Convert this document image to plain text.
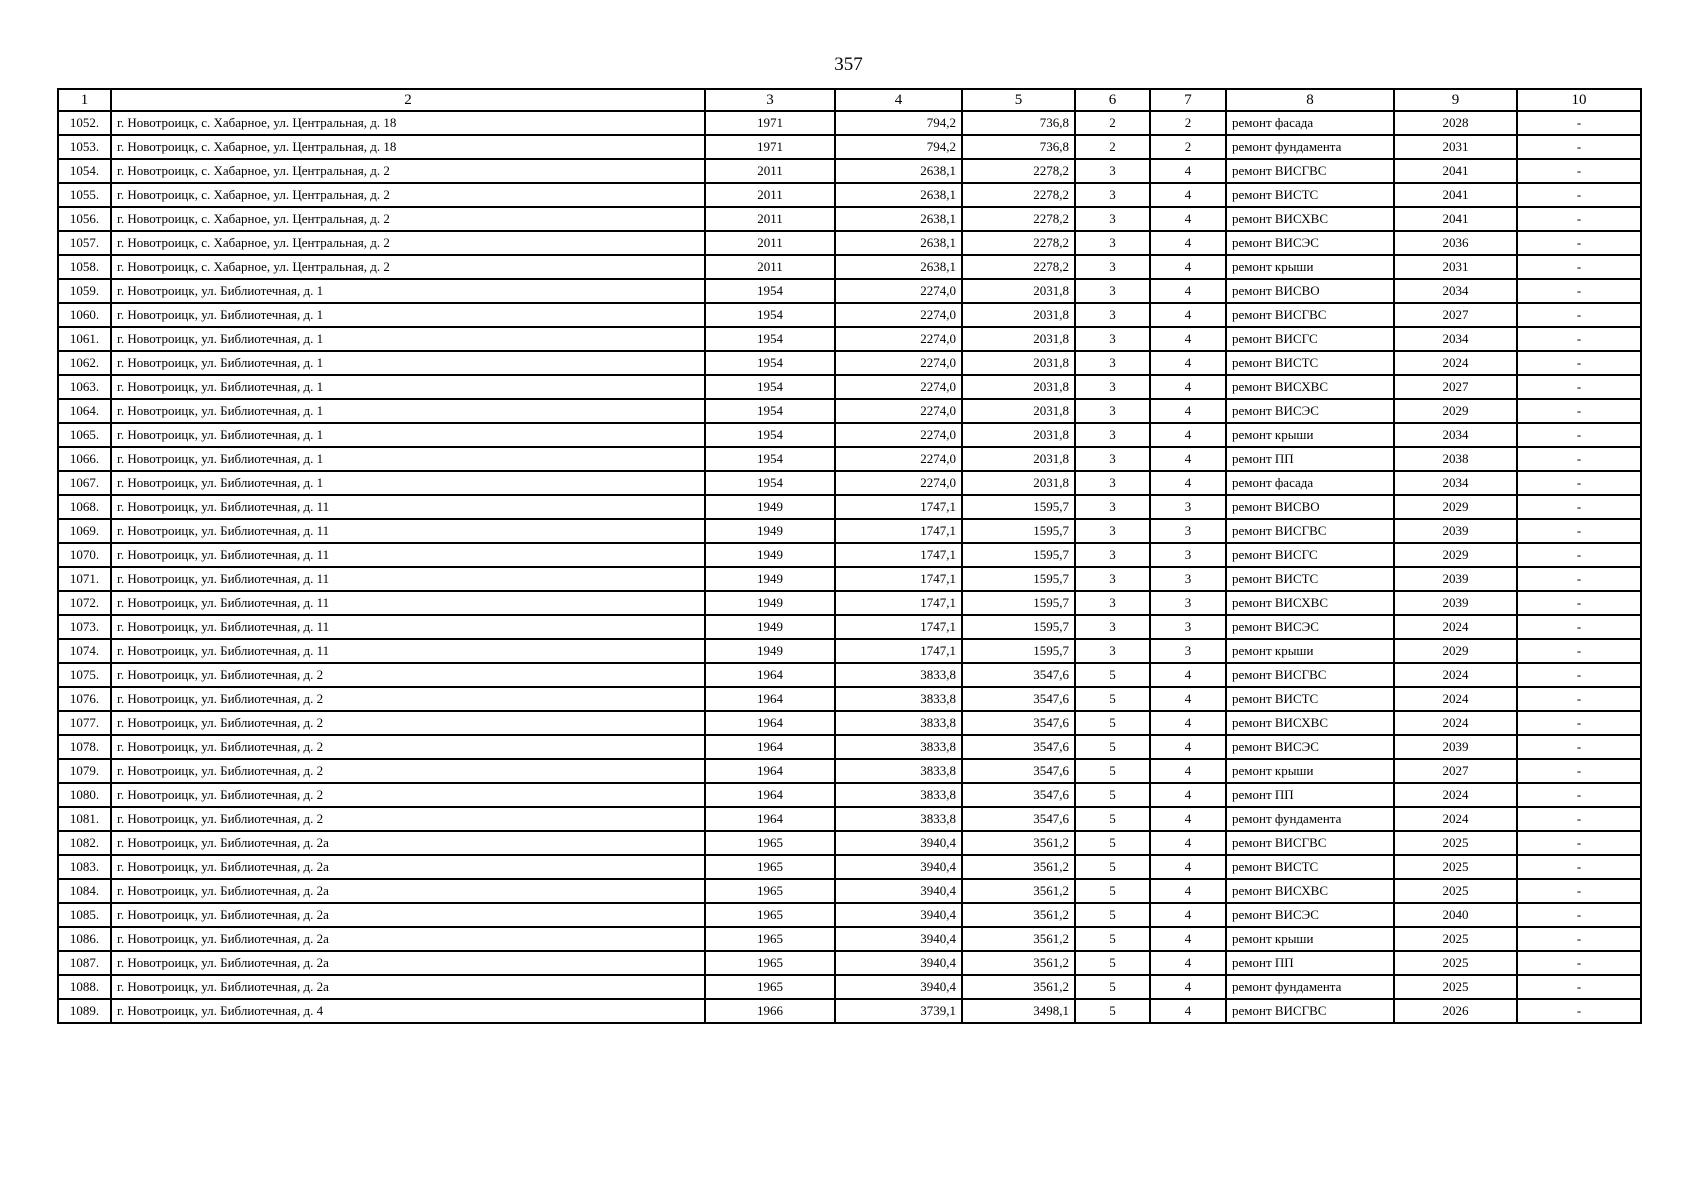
357
1	2	3	4	5	6	7	8	9	10
1052.	г. Новотроицк, с. Хабарное, ул. Центральная, д. 18	1971	794,2	736,8	2	2	ремонт фасада	2028	-
1053.	г. Новотроицк, с. Хабарное, ул. Центральная, д. 18	1971	794,2	736,8	2	2	ремонт фундамента	2031	-
1054.	г. Новотроицк, с. Хабарное, ул. Центральная, д. 2	2011	2638,1	2278,2	3	4	ремонт ВИСГВС	2041	-
1055.	г. Новотроицк, с. Хабарное, ул. Центральная, д. 2	2011	2638,1	2278,2	3	4	ремонт ВИСТС	2041	-
1056.	г. Новотроицк, с. Хабарное, ул. Центральная, д. 2	2011	2638,1	2278,2	3	4	ремонт ВИСХВС	2041	-
1057.	г. Новотроицк, с. Хабарное, ул. Центральная, д. 2	2011	2638,1	2278,2	3	4	ремонт ВИСЭС	2036	-
1058.	г. Новотроицк, с. Хабарное, ул. Центральная, д. 2	2011	2638,1	2278,2	3	4	ремонт крыши	2031	-
1059.	г. Новотроицк, ул. Библиотечная, д. 1	1954	2274,0	2031,8	3	4	ремонт ВИСВО	2034	-
1060.	г. Новотроицк, ул. Библиотечная, д. 1	1954	2274,0	2031,8	3	4	ремонт ВИСГВС	2027	-
1061.	г. Новотроицк, ул. Библиотечная, д. 1	1954	2274,0	2031,8	3	4	ремонт ВИСГС	2034	-
1062.	г. Новотроицк, ул. Библиотечная, д. 1	1954	2274,0	2031,8	3	4	ремонт ВИСТС	2024	-
1063.	г. Новотроицк, ул. Библиотечная, д. 1	1954	2274,0	2031,8	3	4	ремонт ВИСХВС	2027	-
1064.	г. Новотроицк, ул. Библиотечная, д. 1	1954	2274,0	2031,8	3	4	ремонт ВИСЭС	2029	-
1065.	г. Новотроицк, ул. Библиотечная, д. 1	1954	2274,0	2031,8	3	4	ремонт крыши	2034	-
1066.	г. Новотроицк, ул. Библиотечная, д. 1	1954	2274,0	2031,8	3	4	ремонт ПП	2038	-
1067.	г. Новотроицк, ул. Библиотечная, д. 1	1954	2274,0	2031,8	3	4	ремонт фасада	2034	-
1068.	г. Новотроицк, ул. Библиотечная, д. 11	1949	1747,1	1595,7	3	3	ремонт ВИСВО	2029	-
1069.	г. Новотроицк, ул. Библиотечная, д. 11	1949	1747,1	1595,7	3	3	ремонт ВИСГВС	2039	-
1070.	г. Новотроицк, ул. Библиотечная, д. 11	1949	1747,1	1595,7	3	3	ремонт ВИСГС	2029	-
1071.	г. Новотроицк, ул. Библиотечная, д. 11	1949	1747,1	1595,7	3	3	ремонт ВИСТС	2039	-
1072.	г. Новотроицк, ул. Библиотечная, д. 11	1949	1747,1	1595,7	3	3	ремонт ВИСХВС	2039	-
1073.	г. Новотроицк, ул. Библиотечная, д. 11	1949	1747,1	1595,7	3	3	ремонт ВИСЭС	2024	-
1074.	г. Новотроицк, ул. Библиотечная, д. 11	1949	1747,1	1595,7	3	3	ремонт крыши	2029	-
1075.	г. Новотроицк, ул. Библиотечная, д. 2	1964	3833,8	3547,6	5	4	ремонт ВИСГВС	2024	-
1076.	г. Новотроицк, ул. Библиотечная, д. 2	1964	3833,8	3547,6	5	4	ремонт ВИСТС	2024	-
1077.	г. Новотроицк, ул. Библиотечная, д. 2	1964	3833,8	3547,6	5	4	ремонт ВИСХВС	2024	-
1078.	г. Новотроицк, ул. Библиотечная, д. 2	1964	3833,8	3547,6	5	4	ремонт ВИСЭС	2039	-
1079.	г. Новотроицк, ул. Библиотечная, д. 2	1964	3833,8	3547,6	5	4	ремонт крыши	2027	-
1080.	г. Новотроицк, ул. Библиотечная, д. 2	1964	3833,8	3547,6	5	4	ремонт ПП	2024	-
1081.	г. Новотроицк, ул. Библиотечная, д. 2	1964	3833,8	3547,6	5	4	ремонт фундамента	2024	-
1082.	г. Новотроицк, ул. Библиотечная, д. 2а	1965	3940,4	3561,2	5	4	ремонт ВИСГВС	2025	-
1083.	г. Новотроицк, ул. Библиотечная, д. 2а	1965	3940,4	3561,2	5	4	ремонт ВИСТС	2025	-
1084.	г. Новотроицк, ул. Библиотечная, д. 2а	1965	3940,4	3561,2	5	4	ремонт ВИСХВС	2025	-
1085.	г. Новотроицк, ул. Библиотечная, д. 2а	1965	3940,4	3561,2	5	4	ремонт ВИСЭС	2040	-
1086.	г. Новотроицк, ул. Библиотечная, д. 2а	1965	3940,4	3561,2	5	4	ремонт крыши	2025	-
1087.	г. Новотроицк, ул. Библиотечная, д. 2а	1965	3940,4	3561,2	5	4	ремонт ПП	2025	-
1088.	г. Новотроицк, ул. Библиотечная, д. 2а	1965	3940,4	3561,2	5	4	ремонт фундамента	2025	-
1089.	г. Новотроицк, ул. Библиотечная, д. 4	1966	3739,1	3498,1	5	4	ремонт ВИСГВС	2026	-
